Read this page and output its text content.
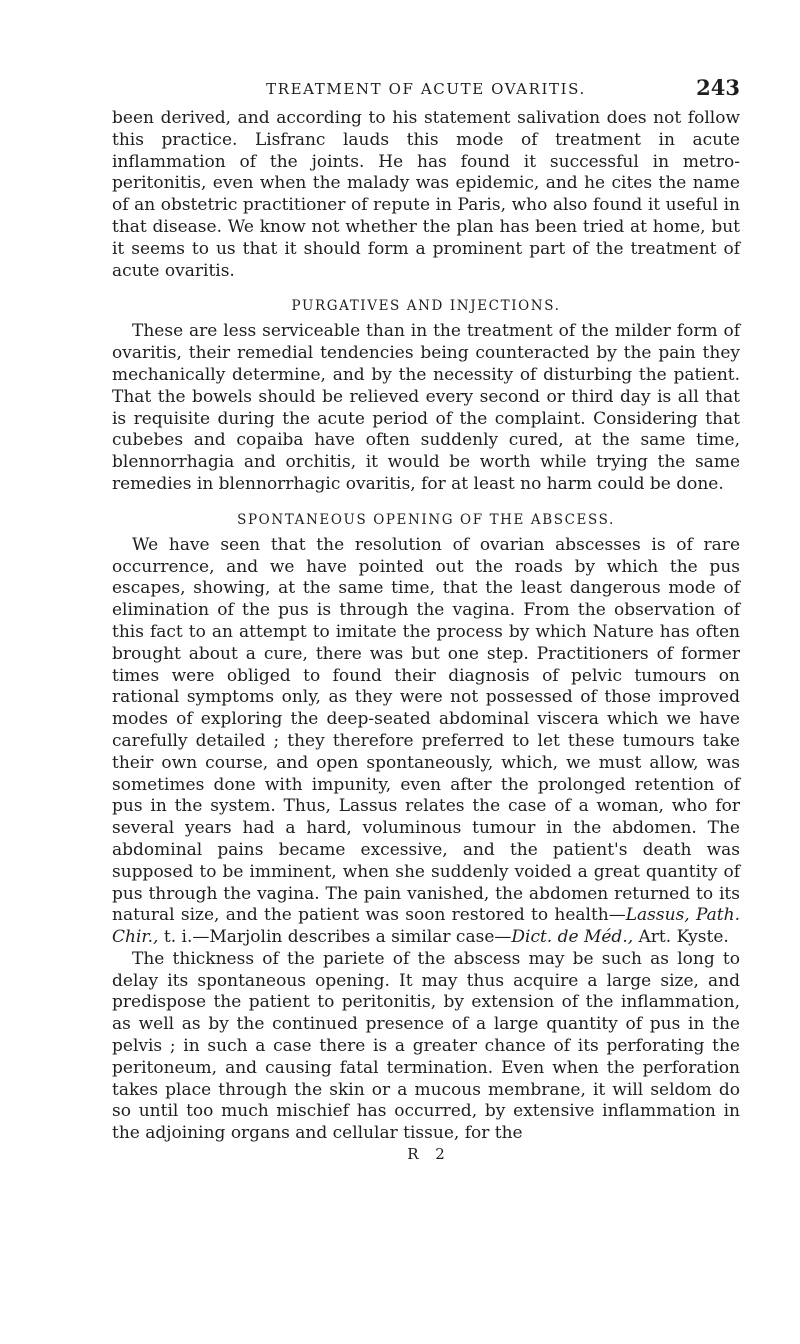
TREATMENT OF ACUTE OVARITIS.	243

been derived, and according to his statement salivation does not follow this practice. Lisfranc lauds this mode of treatment in acute inflammation of the joints. He has found it successful in metro-peritonitis, even when the malady was epidemic, and he cites the name of an obstetric practitioner of repute in Paris, who also found it useful in that disease. We know not whether the plan has been tried at home, but it seems to us that it should form a prominent part of the treatment of acute ovaritis.

PURGATIVES AND INJECTIONS.

These are less serviceable than in the treatment of the milder form of ovaritis, their remedial tendencies being counteracted by the pain they mechanically determine, and by the necessity of disturbing the patient. That the bowels should be relieved every second or third day is all that is requisite during the acute period of the complaint. Considering that cubebes and copaiba have often suddenly cured, at the same time, blennorrhagia and orchitis, it would be worth while trying the same remedies in blennorrhagic ovaritis, for at least no harm could be done.

SPONTANEOUS OPENING OF THE ABSCESS.

We have seen that the resolution of ovarian abscesses is of rare occurrence, and we have pointed out the roads by which the pus escapes, showing, at the same time, that the least dangerous mode of elimination of the pus is through the vagina. From the observation of this fact to an attempt to imitate the process by which Nature has often brought about a cure, there was but one step. Practitioners of former times were obliged to found their diagnosis of pelvic tumours on rational symptoms only, as they were not possessed of those improved modes of exploring the deep-seated abdominal viscera which we have carefully detailed ; they therefore preferred to let these tumours take their own course, and open spontaneously, which, we must allow, was sometimes done with impunity, even after the prolonged retention of pus in the system. Thus, Lassus relates the case of a woman, who for several years had a hard, voluminous tumour in the abdomen. The abdominal pains became excessive, and the patient's death was supposed to be imminent, when she suddenly voided a great quantity of pus through the vagina. The pain vanished, the abdomen returned to its natural size, and the patient was soon restored to health—Lassus, Path. Chir., t. i.—Marjolin describes a similar case—Dict. de Méd., Art. Kyste.

The thickness of the pariete of the abscess may be such as long to delay its spontaneous opening. It may thus acquire a large size, and predispose the patient to peritonitis, by extension of the inflammation, as well as by the continued presence of a large quantity of pus in the pelvis ; in such a case there is a greater chance of its perforating the peritoneum, and causing fatal termination. Even when the perforation takes place through the skin or a mucous membrane, it will seldom do so until too much mischief has occurred, by extensive inflammation in the adjoining organs and cellular tissue, for the

R 2
